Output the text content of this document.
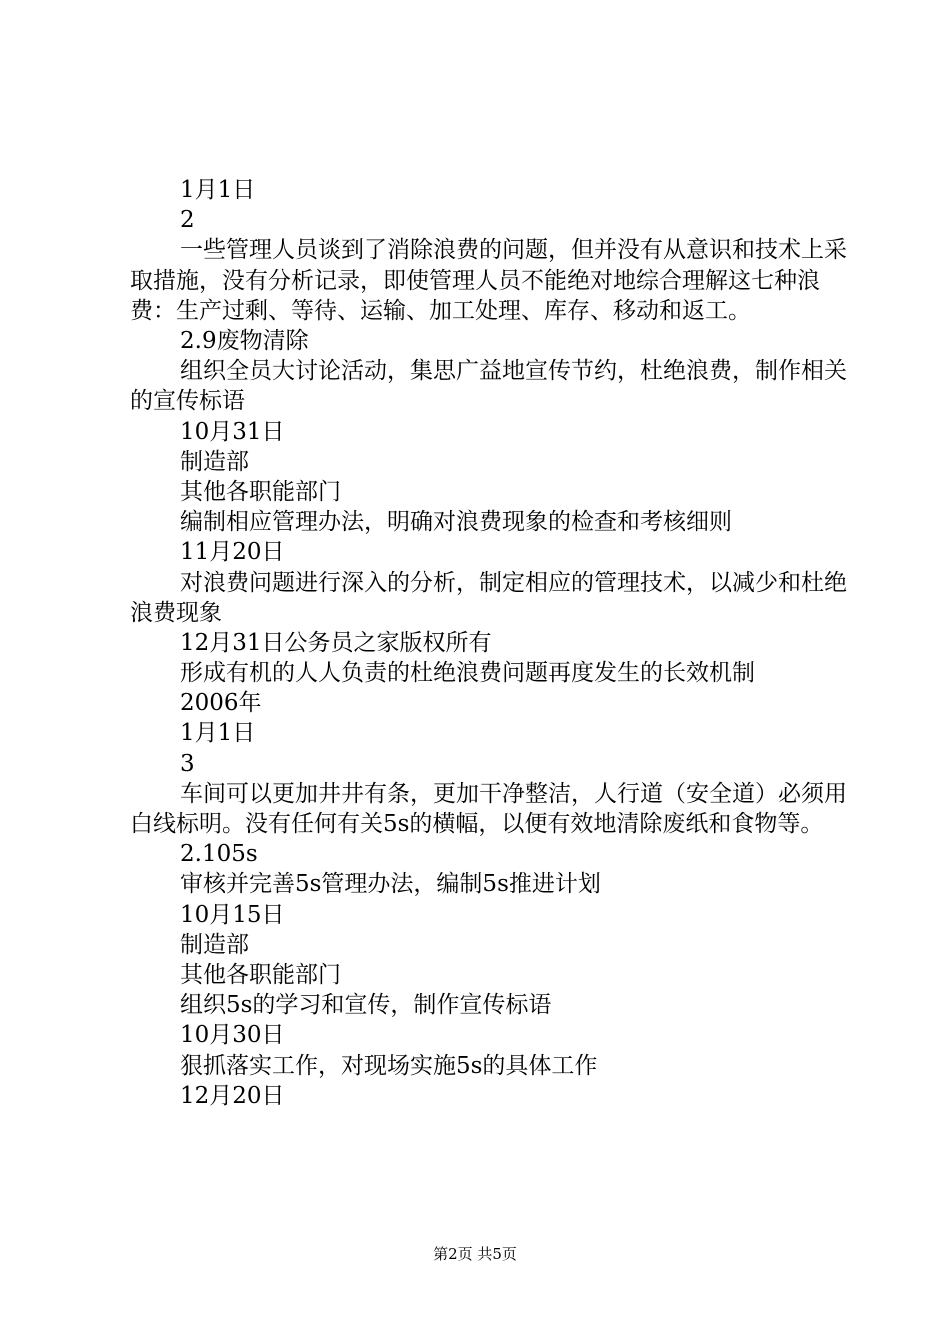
1月1日
2
一些管理人员谈到了消除浪费的问题，但并没有从意识和技术上采取措施，没有分析记录，即使管理人员不能绝对地综合理解这七种浪费：生产过剩、等待、运输、加工处理、库存、移动和返工。
2.9废物清除
组织全员大讨论活动，集思广益地宣传节约，杜绝浪费，制作相关的宣传标语
10月31日
制造部
其他各职能部门
编制相应管理办法，明确对浪费现象的检查和考核细则
11月20日
对浪费问题进行深入的分析，制定相应的管理技术，以减少和杜绝浪费现象
12月31日公务员之家版权所有
形成有机的人人负责的杜绝浪费问题再度发生的长效机制
2006年
1月1日
3
车间可以更加井井有条，更加干净整洁，人行道（安全道）必须用白线标明。没有任何有关5s的横幅，以便有效地清除废纸和食物等。
2.105s
审核并完善5s管理办法，编制5s推进计划
10月15日
制造部
其他各职能部门
组织5s的学习和宣传，制作宣传标语
10月30日
狠抓落实工作，对现场实施5s的具体工作
12月20日
第2页 共5页
